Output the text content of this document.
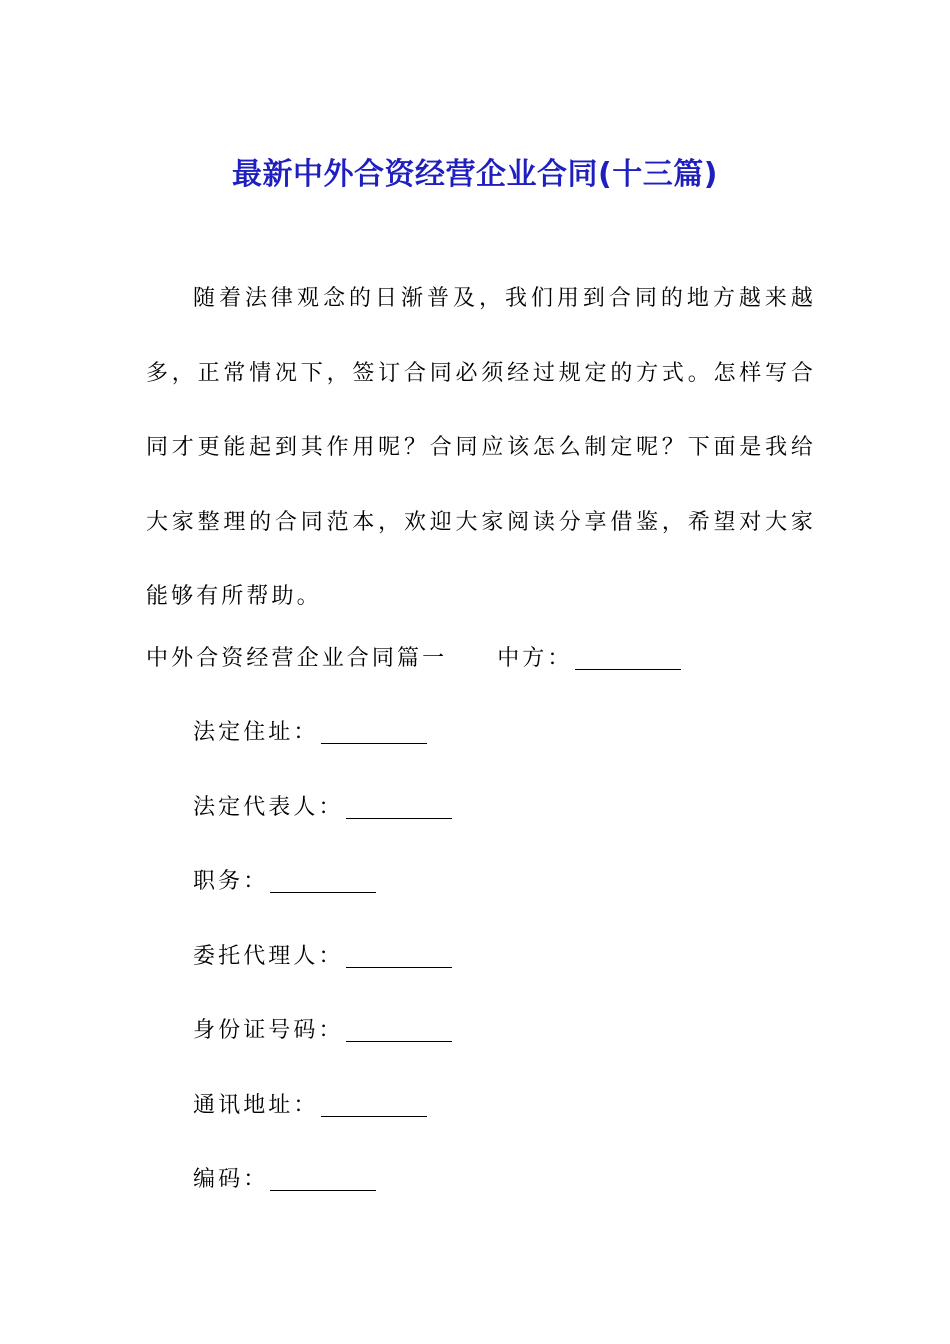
最新中外合资经营企业合同(十三篇)

随着法律观念的日渐普及，我们用到合同的地方越来越多，正常情况下，签订合同必须经过规定的方式。怎样写合同才更能起到其作用呢？合同应该怎么制定呢？下面是我给大家整理的合同范本，欢迎大家阅读分享借鉴，希望对大家能够有所帮助。

中外合资经营企业合同篇一 中方：
法定住址：
法定代表人：
职务：
委托代理人：
身份证号码：
通讯地址：
编码：
